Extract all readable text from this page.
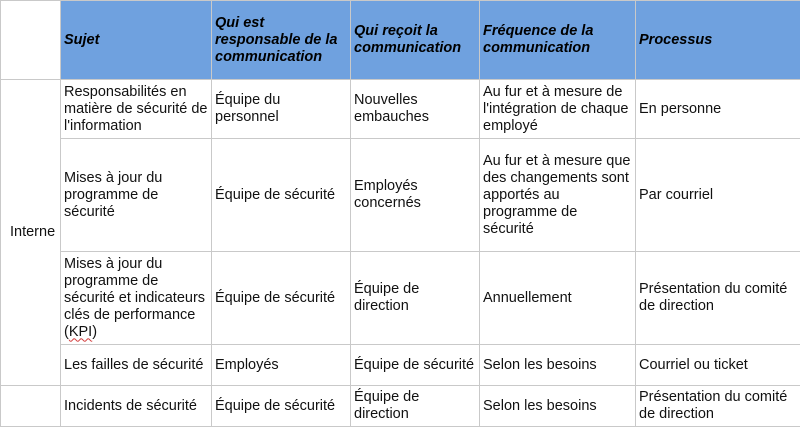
	Sujet	Qui est responsable de la communication	Qui reçoit la communication	Fréquence de la communication	Processus
Interne	Responsabilités en matière de sécurité de l'information	Équipe du personnel	Nouvelles embauches	Au fur et à mesure de l'intégration de chaque employé	En personne
	Mises à jour du programme de sécurité	Équipe de sécurité	Employés concernés	Au fur et à mesure que des changements sont apportés au programme de sécurité	Par courriel
	Mises à jour du programme de sécurité et indicateurs clés de performance (KPI)	Équipe de sécurité	Équipe de direction	Annuellement	Présentation du comité de direction
	Les failles de sécurité	Employés	Équipe de sécurité	Selon les besoins	Courriel ou ticket
	Incidents de sécurité	Équipe de sécurité	Équipe de direction	Selon les besoins	Présentation du comité de direction
